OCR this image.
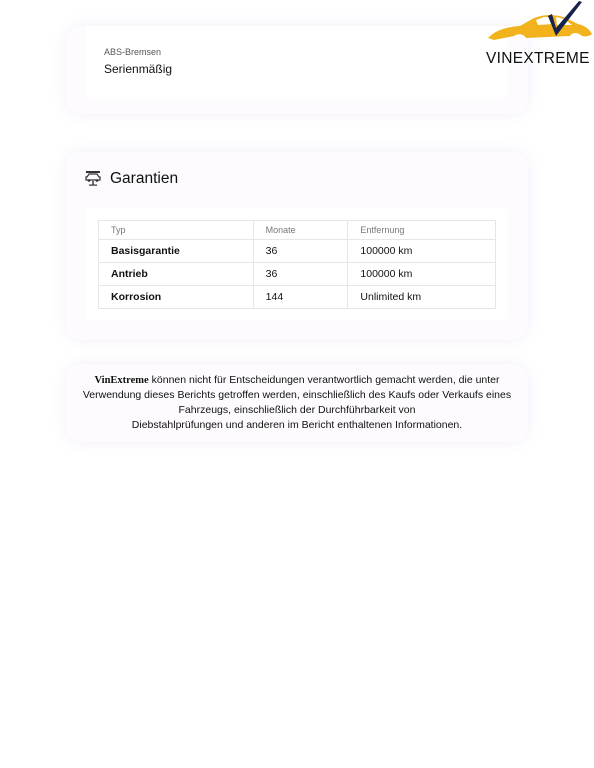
ABS-Bremsen
Serienmäßig
VINEXTREME
Garantien
Typ	Monate	Entfernung
Basisgarantie	36	100000 km
Antrieb	36	100000 km
Korrosion	144	Unlimited km
VinExtreme können nicht für Entscheidungen verantwortlich gemacht werden, die unter
Verwendung dieses Berichts getroffen werden, einschließlich des Kaufs oder Verkaufs eines
Fahrzeugs, einschließlich der Durchführbarkeit von
Diebstahlprüfungen und anderen im Bericht enthaltenen Informationen.
